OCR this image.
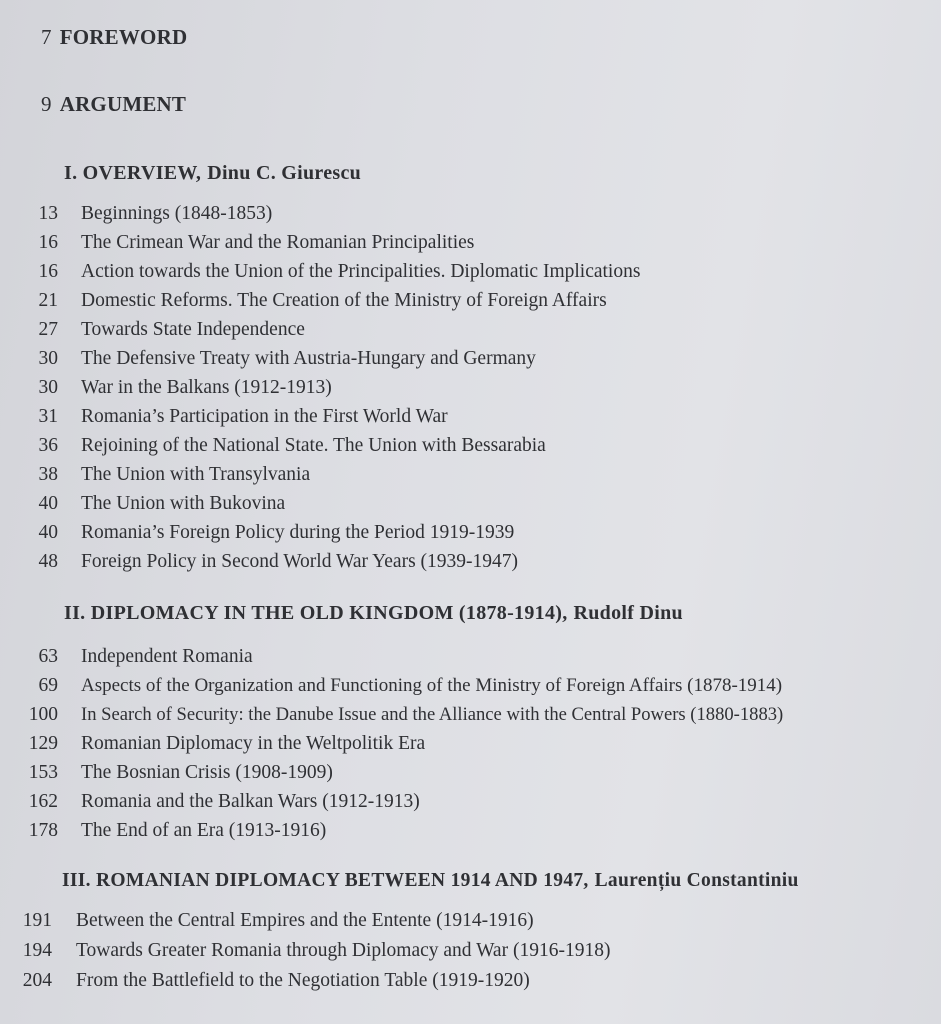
7 FOREWORD
9 ARGUMENT
I. OVERVIEW, Dinu C. Giurescu
13 Beginnings (1848-1853)
16 The Crimean War and the Romanian Principalities
16 Action towards the Union of the Principalities. Diplomatic Implications
21 Domestic Reforms. The Creation of the Ministry of Foreign Affairs
27 Towards State Independence
30 The Defensive Treaty with Austria-Hungary and Germany
30 War in the Balkans (1912-1913)
31 Romania’s Participation in the First World War
36 Rejoining of the National State. The Union with Bessarabia
38 The Union with Transylvania
40 The Union with Bukovina
40 Romania’s Foreign Policy during the Period 1919-1939
48 Foreign Policy in Second World War Years (1939-1947)
II. DIPLOMACY IN THE OLD KINGDOM (1878-1914), Rudolf Dinu
63 Independent Romania
69 Aspects of the Organization and Functioning of the Ministry of Foreign Affairs (1878-1914)
100 In Search of Security: the Danube Issue and the Alliance with the Central Powers (1880-1883)
129 Romanian Diplomacy in the Weltpolitik Era
153 The Bosnian Crisis (1908-1909)
162 Romania and the Balkan Wars (1912-1913)
178 The End of an Era (1913-1916)
III. ROMANIAN DIPLOMACY BETWEEN 1914 AND 1947, Laurențiu Constantiniu
191 Between the Central Empires and the Entente (1914-1916)
194 Towards Greater Romania through Diplomacy and War (1916-1918)
204 From the Battlefield to the Negotiation Table (1919-1920)
